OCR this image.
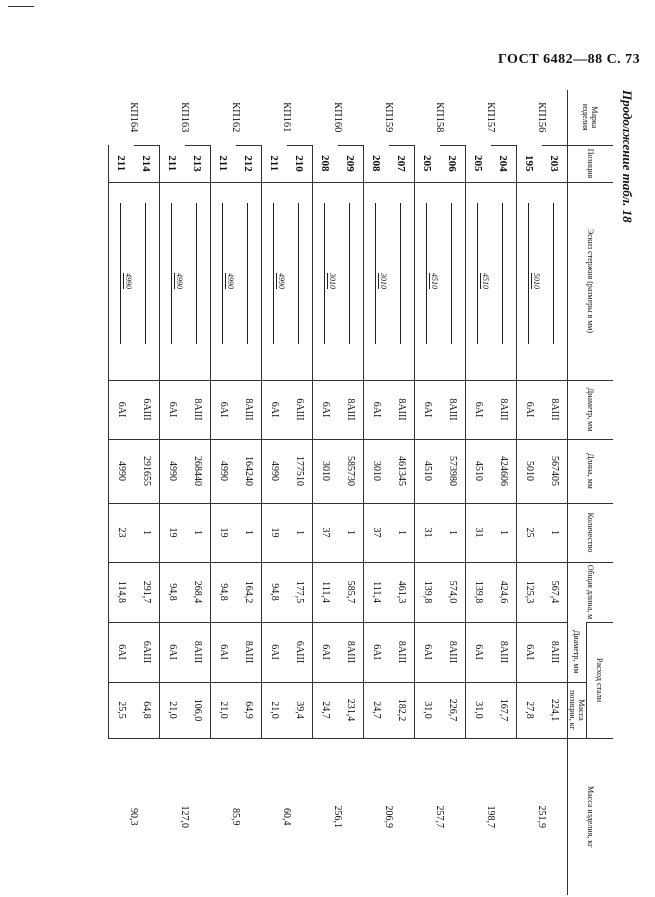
ГОСТ 6482—88 С. 73
Продолжение табл. 18
Марка изделия	Позиция	Эскиз стержня (размеры в мм)	Диаметр, мм	Длина, мм	Количество	Общая длина, м	Расход стали		Масса изделия, кг
							Диаметр, мм	Масса позиции, кг	
КП156	203		8АIII	567405	1	567,4	8АIII	224,1	251,9
	195	5010	6АI	5010	25	125,3	6АI	27,8	
КП157	204		8АIII	424606	1	424,6	8АIII	167,7	198,7
	205	4510	6АI	4510	31	139,8	6АI	31,0	
КП158	206		8АIII	573980	1	574,0	8АIII	226,7	257,7
	205	4510	6АI	4510	31	139,8	6АI	31,0	
КП159	207		8АIII	461345	1	461,3	8АIII	182,2	206,9
	208	3010	6АI	3010	37	111,4	6АI	24,7	
КП160	209		8АIII	585730	1	585,7	8АIII	231,4	256,1
	208	3010	6АI	3010	37	111,4	6АI	24,7	
КП161	210		6АIII	177510	1	177,5	6АIII	39,4	60,4
	211	4990	6АI	4990	19	94,8	6АI	21,0	
КП162	212		8АIII	164240	1	164,2	8АIII	64,9	85,9
	211	4990	6АI	4990	19	94,8	6АI	21,0	
КП163	213		8АIII	268440	1	268,4	8АIII	106,0	127,0
	211	4990	6АI	4990	19	94,8	6АI	21,0	
КП164	214		6АIII	291655	1	291,7	6АIII	64,8	90,3
	211	4990	6АI	4990	23	114,8	6АI	25,5	
